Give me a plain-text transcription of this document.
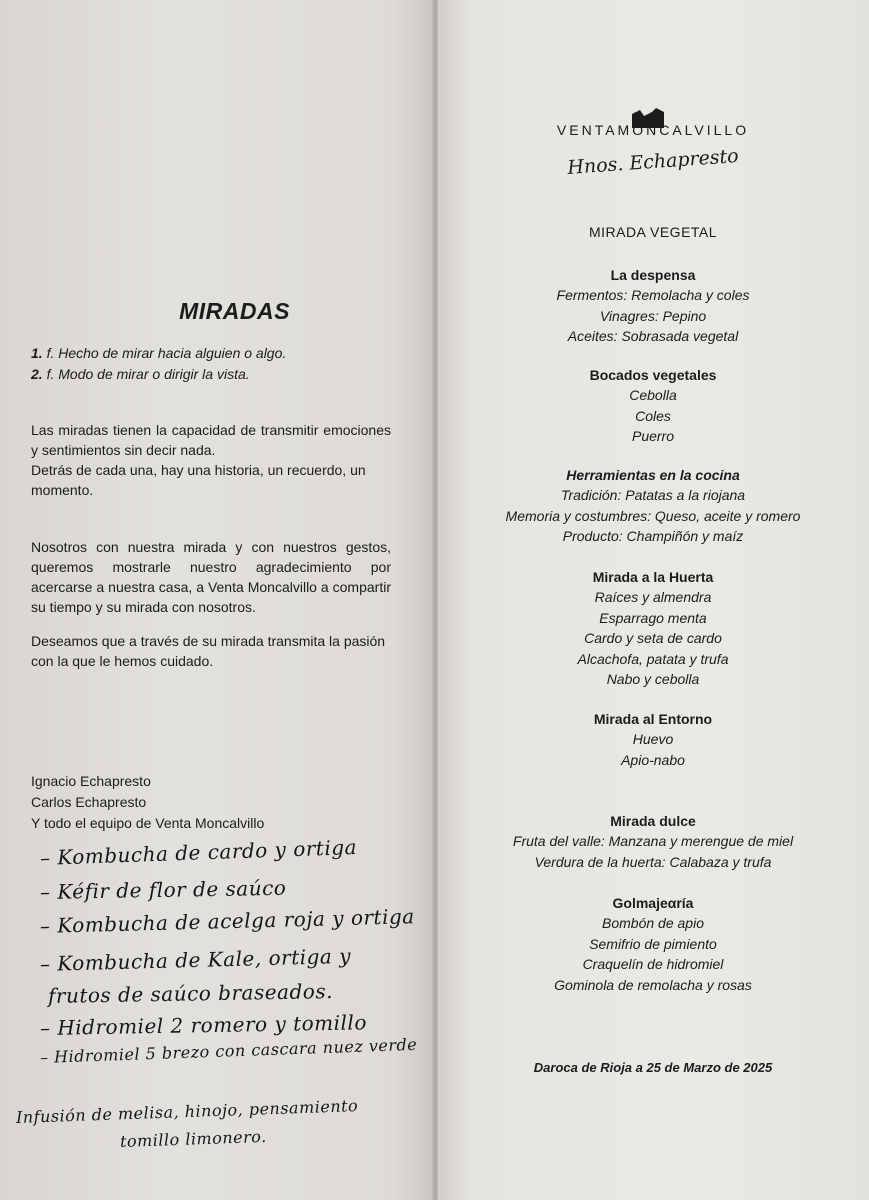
MIRADAS
1. f. Hecho de mirar hacia alguien o algo.
2. f. Modo de mirar o dirigir la vista.
Las miradas tienen la capacidad de transmitir emociones y sentimientos sin decir nada.
Detrás de cada una, hay una historia, un recuerdo, un momento.
Nosotros con nuestra mirada y con nuestros gestos, queremos mostrarle nuestro agradecimiento por acercarse a nuestra casa, a Venta Moncalvillo a compartir su tiempo y su mirada con nosotros.
Deseamos que a través de su mirada transmita la pasión con la que le hemos cuidado.
Ignacio Echapresto
Carlos Echapresto
Y todo el equipo de Venta Moncalvillo
– Kombucha de cardo y ortiga
– Kéfir de flor de saúco
– Kombucha de acelga roja y ortiga
– Kombucha de Kale, ortiga y
frutos de saúco braseados.
– Hidromiel 2 romero y tomillo
– Hidromiel 5 brezo con cascara nuez verde
Infusión de melisa, hinojo, pensamiento
tomillo limonero.
VENTAMONCALVILLO
Hnos. Echapresto
MIRADA VEGETAL
La despensa
Fermentos: Remolacha y coles
Vinagres: Pepino
Aceites: Sobrasada vegetal
Bocados vegetales
Cebolla
Coles
Puerro
Herramientas en la cocina
Tradición: Patatas a la riojana
Memoria y costumbres: Queso, aceite y romero
Producto: Champiñón y maíz
Mirada a la Huerta
Raíces y almendra
Esparrago menta
Cardo y seta de cardo
Alcachofa, patata y trufa
Nabo y cebolla
Mirada al Entorno
Huevo
Apio-nabo
Mirada dulce
Fruta del valle: Manzana y merengue de miel
Verdura de la huerta: Calabaza y trufa
Golmajeαría
Bombón de apio
Semifrio de pimiento
Craquelín de hidromiel
Gominola de remolacha y rosas
Daroca de Rioja a 25 de Marzo de 2025
